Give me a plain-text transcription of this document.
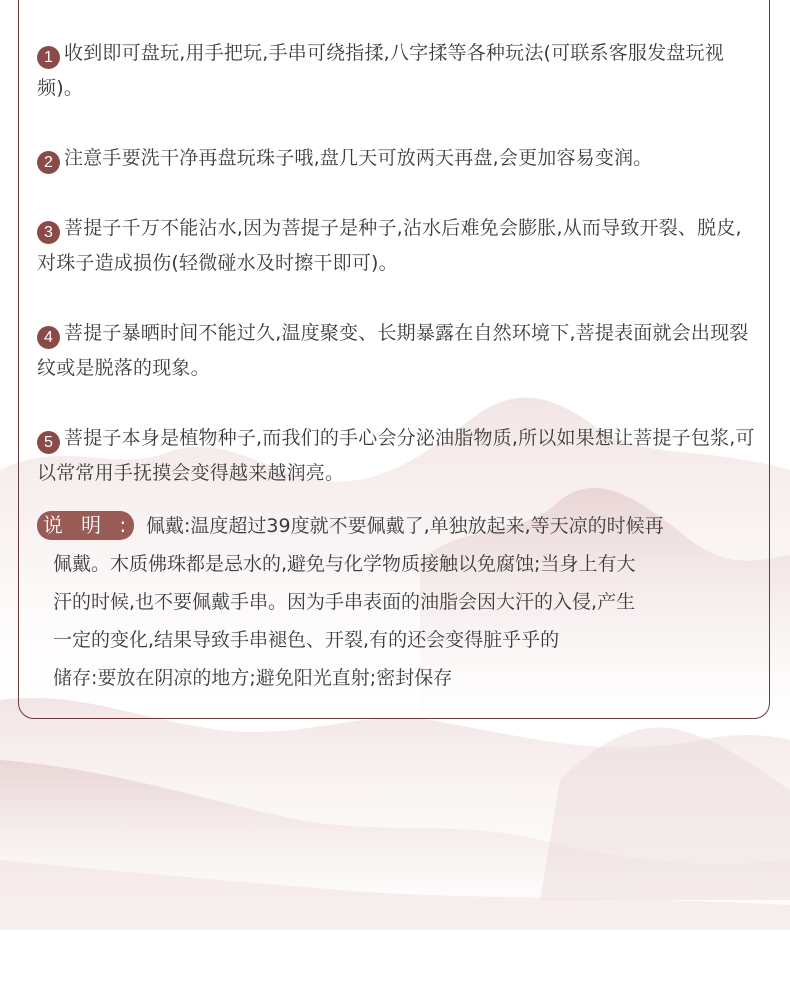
1 收到即可盘玩,用手把玩,手串可绕指揉,八字揉等各种玩法(可联系客服发盘玩视频)。

2 注意手要洗干净再盘玩珠子哦,盘几天可放两天再盘,会更加容易变润。

3 菩提子千万不能沾水,因为菩提子是种子,沾水后难免会膨胀,从而导致开裂、脱皮,对珠子造成损伤(轻微碰水及时擦干即可)。

4 菩提子暴晒时间不能过久,温度聚变、长期暴露在自然环境下,菩提表面就会出现裂纹或是脱落的现象。

5 菩提子本身是植物种子,而我们的手心会分泌油脂物质,所以如果想让菩提子包浆,可以常常用手抚摸会变得越来越润亮。

说 明 : 佩戴:温度超过39度就不要佩戴了,单独放起来,等天凉的时候再
佩戴。木质佛珠都是忌水的,避免与化学物质接触以免腐蚀;当身上有大
汗的时候,也不要佩戴手串。因为手串表面的油脂会因大汗的入侵,产生
一定的变化,结果导致手串褪色、开裂,有的还会变得脏乎乎的
储存:要放在阴凉的地方;避免阳光直射;密封保存
